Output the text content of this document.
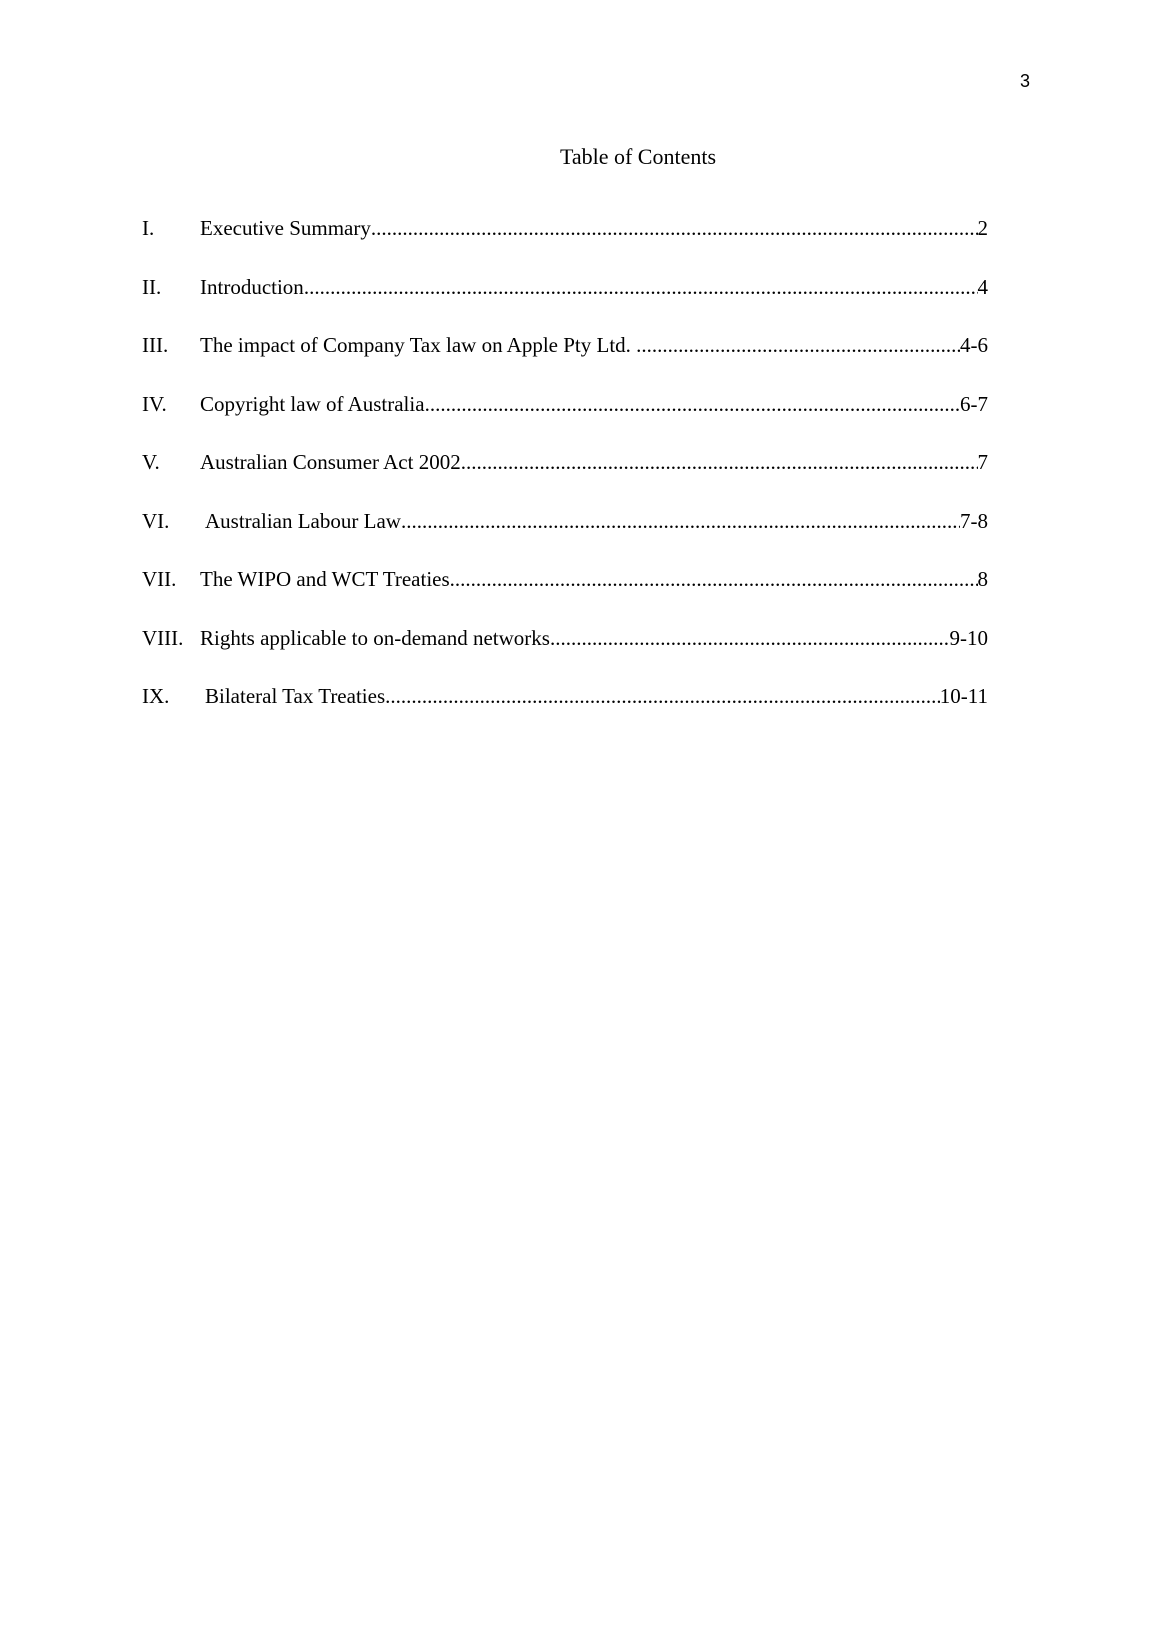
3
Table of Contents
I.	Executive Summary .....	2
II.	Introduction .....	4
III.	The impact of Company Tax law on Apple Pty Ltd. .....	4-6
IV.	Copyright law of Australia .....	6-7
V.	Australian Consumer Act 2002 .....	7
VI.	Australian Labour Law .....	7-8
VII.	The WIPO and WCT Treaties .....	8
VIII. Rights applicable to on-demand networks .....	9-10
IX.	Bilateral Tax Treaties .....	10-11
